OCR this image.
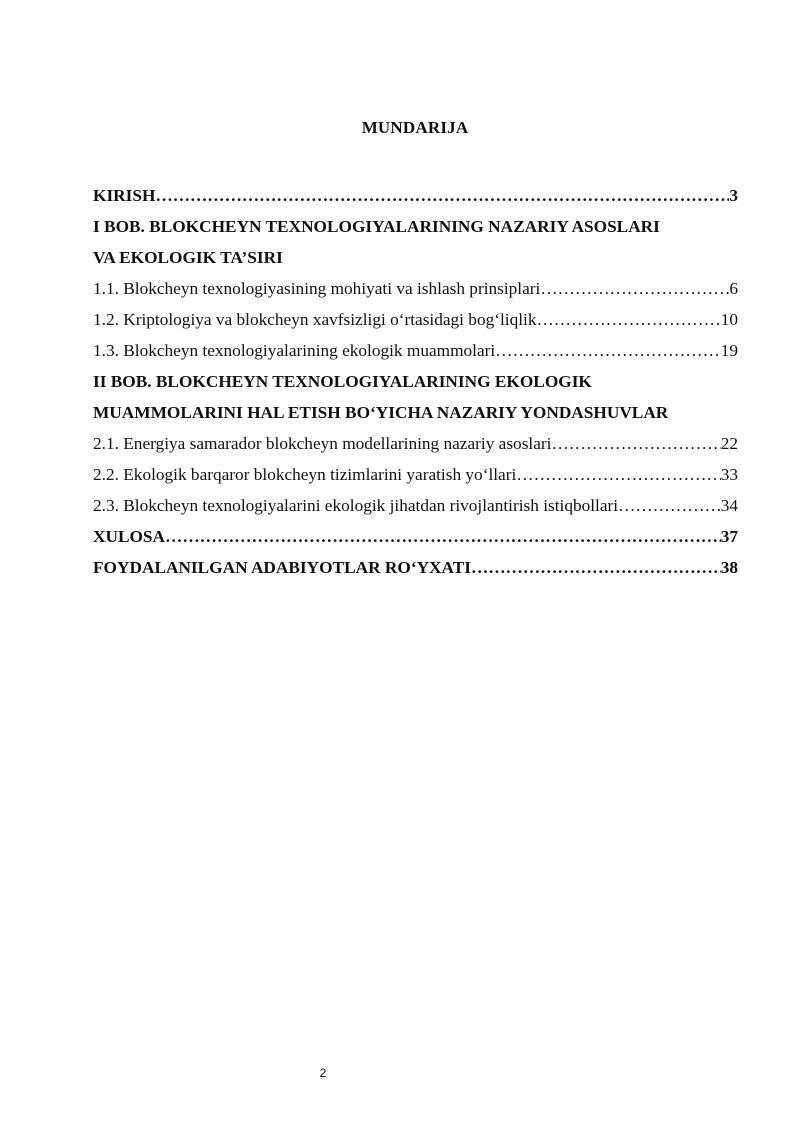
MUNDARIJA
KIRISH …………………………………………………………………………………………………………………………………………………………………………………………	3
I BOB. BLOKCHEYN TEXNOLOGIYALARINING NAZARIY ASOSLARI
VA EKOLOGIK TA’SIRI
1.1. Blokcheyn texnologiyasining mohiyati va ishlash prinsiplari …………………………………………………………………………………………………………………………………………………………………………………………	6
1.2. Kriptologiya va blokcheyn xavfsizligi o‘rtasidagi bog‘liqlik …………………………………………………………………………………………………………………………………………………………………………………………	10
1.3. Blokcheyn texnologiyalarining ekologik muammolari …………………………………………………………………………………………………………………………………………………………………………………………	19
II BOB. BLOKCHEYN TEXNOLOGIYALARINING EKOLOGIK
MUAMMOLARINI HAL ETISH BO‘YICHA NAZARIY YONDASHUVLAR
2.1. Energiya samarador blokcheyn modellarining nazariy asoslari …………………………………………………………………………………………………………………………………………………………………………………………	22
2.2. Ekologik barqaror blokcheyn tizimlarini yaratish yo‘llari …………………………………………………………………………………………………………………………………………………………………………………………	33
2.3. Blokcheyn texnologiyalarini ekologik jihatdan rivojlantirish istiqbollari …………………………………………………………………………………………………………………………………………………………………………………………	34
XULOSA …………………………………………………………………………………………………………………………………………………………………………………………	37
FOYDALANILGAN ADABIYOTLAR RO‘YXATI …………………………………………………………………………………………………………………………………………………………………………………………	38
2
